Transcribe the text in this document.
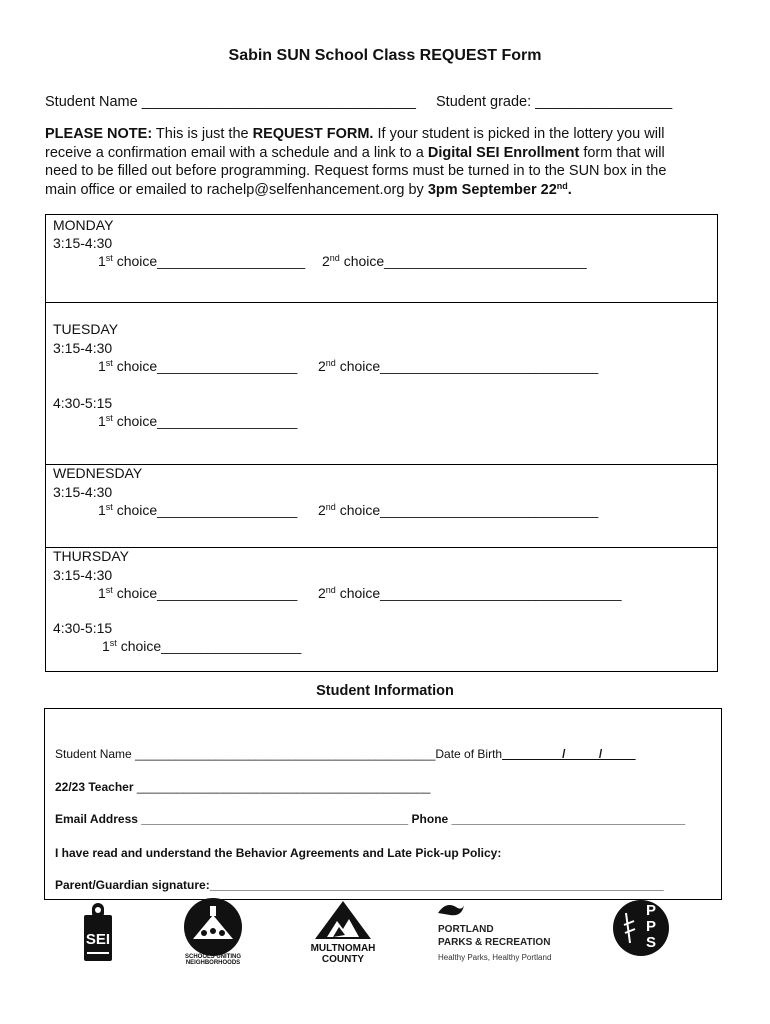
Sabin SUN School Class REQUEST Form
Student Name __________________________________ Student grade: _________________

PLEASE NOTE: This is just the REQUEST FORM. If your student is picked in the lottery you will

receive a confirmation email with a schedule and a link to a Digital SEI Enrollment form that will

need to be filled out before programming. Request forms must be turned in to the SUN box in the

main office or emailed to rachelp@selfenhancement.org by 3pm September 22nd.

MONDAY
3:15-4:30
1st choice___________________ 2nd choice__________________________
TUESDAY
3:15-4:30
1st choice__________________ 2nd choice____________________________
4:30-5:15
1st choice__________________
WEDNESDAY
3:15-4:30
1st choice__________________ 2nd choice____________________________
THURSDAY
3:15-4:30
1st choice__________________ 2nd choice_______________________________
4:30-5:15
1st choice__________________
Student Information
Student Name _____________________________________________Date of Birth_________/_____/_____
22/23 Teacher ____________________________________________
Email Address ________________________________________ Phone ___________________________________
I have read and understand the Behavior Agreements and Late Pick-up Policy:
Parent/Guardian signature:____________________________________________________________________
SEI
SCHOOLS UNITING
NEIGHBORHOODS
MULTNOMAH
COUNTY
PORTLAND
PARKS & RECREATION
Healthy Parks, Healthy Portland
P
P
S
